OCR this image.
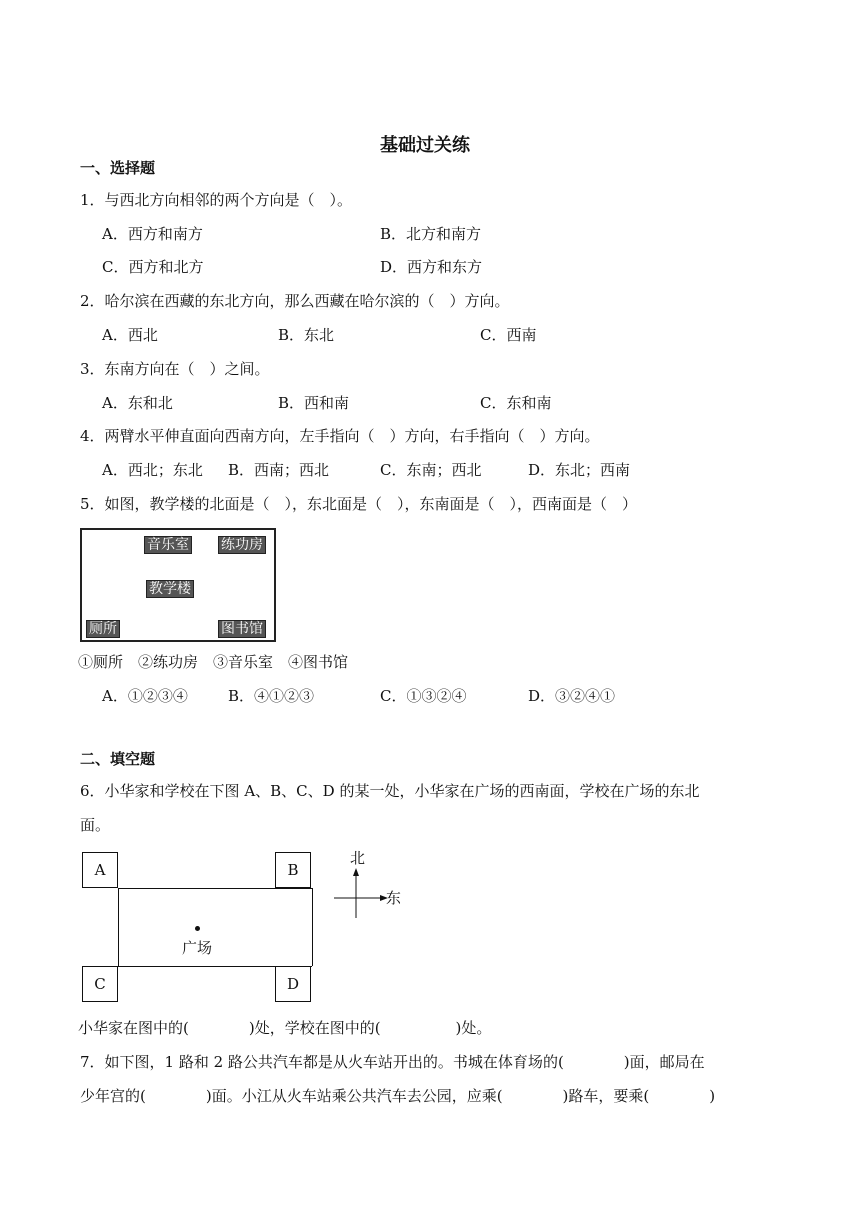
基础过关练
一、选择题
1．与西北方向相邻的两个方向是（　）。
A．西方和南方	B．北方和南方
C．西方和北方	D．西方和东方
2．哈尔滨在西藏的东北方向，那么西藏在哈尔滨的（　）方向。
A．西北	B．东北	C．西南
3．东南方向在（　）之间。
A．东和北	B．西和南	C．东和南
4．两臂水平伸直面向西南方向，左手指向（　）方向，右手指向（　）方向。
A．西北；东北 B．西南；西北	C．东南；西北	D．东北；西南
5．如图，教学楼的北面是（　），东北面是（　），东南面是（　），西南面是（　）
音乐室 练功房
教学楼
厕所	图书馆
①厕所　②练功房　③音乐室　④图书馆
A．①②③④	B．④①②③	C．①③②④	D．③②④①
二、填空题
6．小华家和学校在下图 A、B、C、D 的某一处，小华家在广场的西南面，学校在广场的东北
面。
A	B
C	D
广场
北
东
小华家在图中的(　　　　)处，学校在图中的(　　　　　)处。
7．如下图，1 路和 2 路公共汽车都是从火车站开出的。书城在体育场的(　　　　)面，邮局在
少年宫的(　　　　)面。小江从火车站乘公共汽车去公园，应乘(　　　　)路车，要乘(　　　　)
